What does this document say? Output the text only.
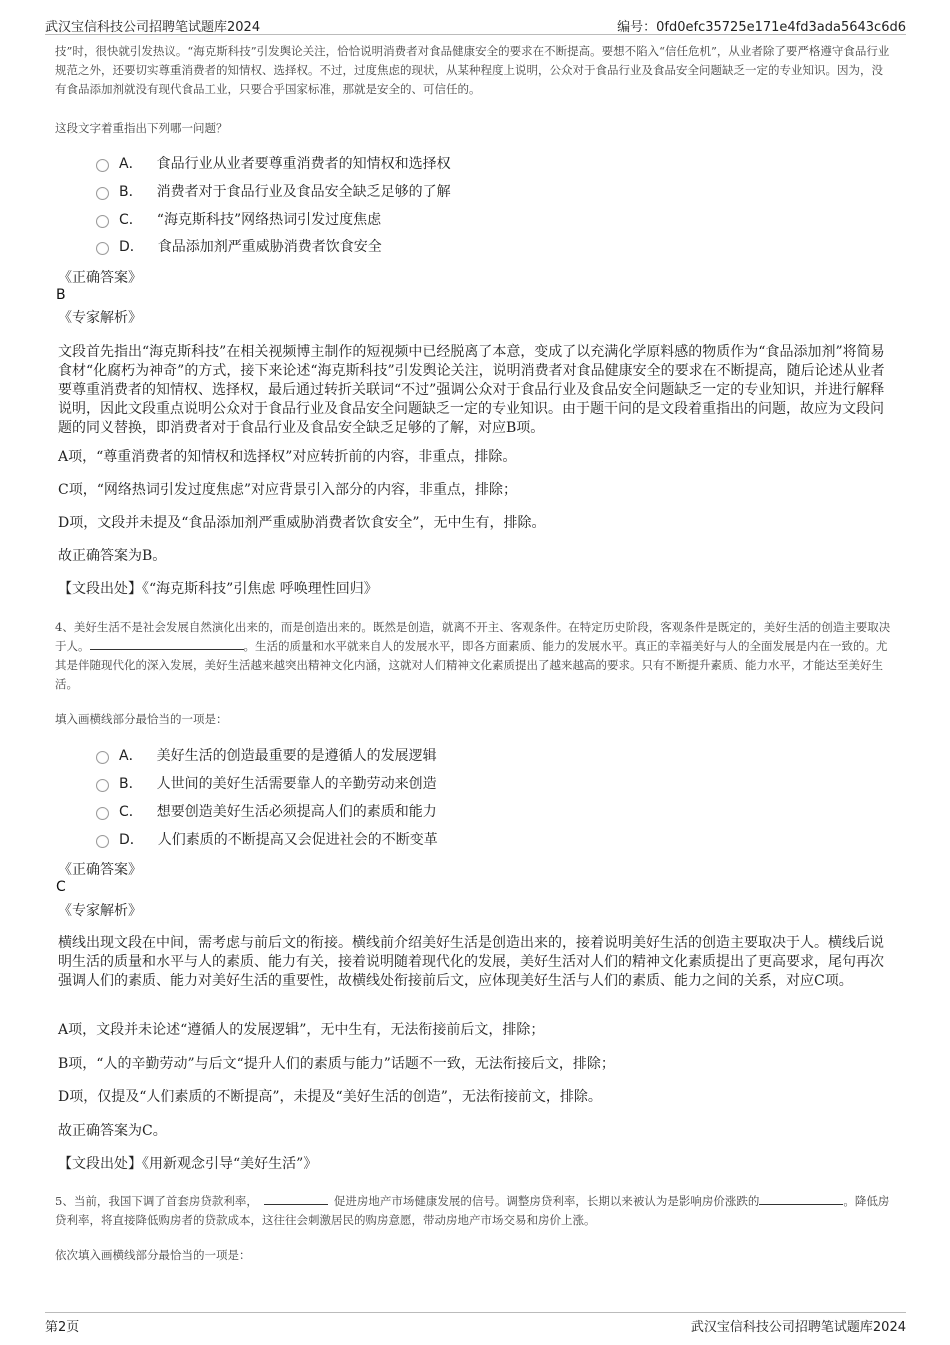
武汉宝信科技公司招聘笔试题库2024	编号：0fd0efc35725e171e4fd3ada5643c6d6

技”时，很快就引发热议。“海克斯科技”引发舆论关注，恰恰说明消费者对食品健康安全的要求在不断提高。要想不陷入“信任危机”，从业者除了要严格遵守食品行业规范之外，还要切实尊重消费者的知情权、选择权。不过，过度焦虑的现状，从某种程度上说明，公众对于食品行业及食品安全问题缺乏一定的专业知识。因为，没有食品添加剂就没有现代食品工业，只要合乎国家标准，那就是安全的、可信任的。

这段文字着重指出下列哪一问题？

A． 食品行业从业者要尊重消费者的知情权和选择权
B． 消费者对于食品行业及食品安全缺乏足够的了解
C． “海克斯科技”网络热词引发过度焦虑
D． 食品添加剂严重威胁消费者饮食安全
《正确答案》
B
《专家解析》

文段首先指出“海克斯科技”在相关视频博主制作的短视频中已经脱离了本意，变成了以充满化学原料感的物质作为“食品添加剂”将简易食材“化腐朽为神奇”的方式，接下来论述“海克斯科技”引发舆论关注，说明消费者对食品健康安全的要求在不断提高，随后论述从业者要尊重消费者的知情权、选择权，最后通过转折关联词“不过”强调公众对于食品行业及食品安全问题缺乏一定的专业知识，并进行解释说明，因此文段重点说明公众对于食品行业及食品安全问题缺乏一定的专业知识。由于题干问的是文段着重指出的问题，故应为文段问题的同义替换，即消费者对于食品行业及食品安全缺乏足够的了解，对应B项。

A项，“尊重消费者的知情权和选择权”对应转折前的内容，非重点，排除。

C项，“网络热词引发过度焦虑”对应背景引入部分的内容，非重点，排除；

D项，文段并未提及“食品添加剂严重威胁消费者饮食安全”，无中生有，排除。

故正确答案为B。

【文段出处】《“海克斯科技”引焦虑 呼唤理性回归》

4、美好生活不是社会发展自然演化出来的，而是创造出来的。既然是创造，就离不开主、客观条件。在特定历史阶段，客观条件是既定的，美好生活的创造主要取决于人。	。生活的质量和水平就来自人的发展水平，即各方面素质、能力的发展水平。真正的幸福美好与人的全面发展是内在一致的。尤其是伴随现代化的深入发展，美好生活越来越突出精神文化内涵，这就对人们精神文化素质提出了越来越高的要求。只有不断提升素质、能力水平，才能达至美好生活。

填入画横线部分最恰当的一项是：

A． 美好生活的创造最重要的是遵循人的发展逻辑
B． 人世间的美好生活需要靠人的辛勤劳动来创造
C． 想要创造美好生活必须提高人们的素质和能力
D． 人们素质的不断提高又会促进社会的不断变革
《正确答案》
C
《专家解析》

横线出现文段在中间，需考虑与前后文的衔接。横线前介绍美好生活是创造出来的，接着说明美好生活的创造主要取决于人。横线后说明生活的质量和水平与人的素质、能力有关，接着说明随着现代化的发展，美好生活对人们的精神文化素质提出了更高要求，尾句再次强调人们的素质、能力对美好生活的重要性，故横线处衔接前后文，应体现美好生活与人们的素质、能力之间的关系，对应C项。

A项，文段并未论述“遵循人的发展逻辑”，无中生有，无法衔接前后文，排除；

B项，“人的辛勤劳动”与后文“提升人们的素质与能力”话题不一致，无法衔接后文，排除；

D项，仅提及“人们素质的不断提高”，未提及“美好生活的创造”，无法衔接前文，排除。

故正确答案为C。

【文段出处】《用新观念引导“美好生活”》

5、当前，我国下调了首套房贷款利率，	促进房地产市场健康发展的信号。调整房贷利率，长期以来被认为是影响房价涨跌的	。降低房贷利率，将直接降低购房者的贷款成本，这往往会刺激居民的购房意愿，带动房地产市场交易和房价上涨。

依次填入画横线部分最恰当的一项是：

第2页	武汉宝信科技公司招聘笔试题库2024
